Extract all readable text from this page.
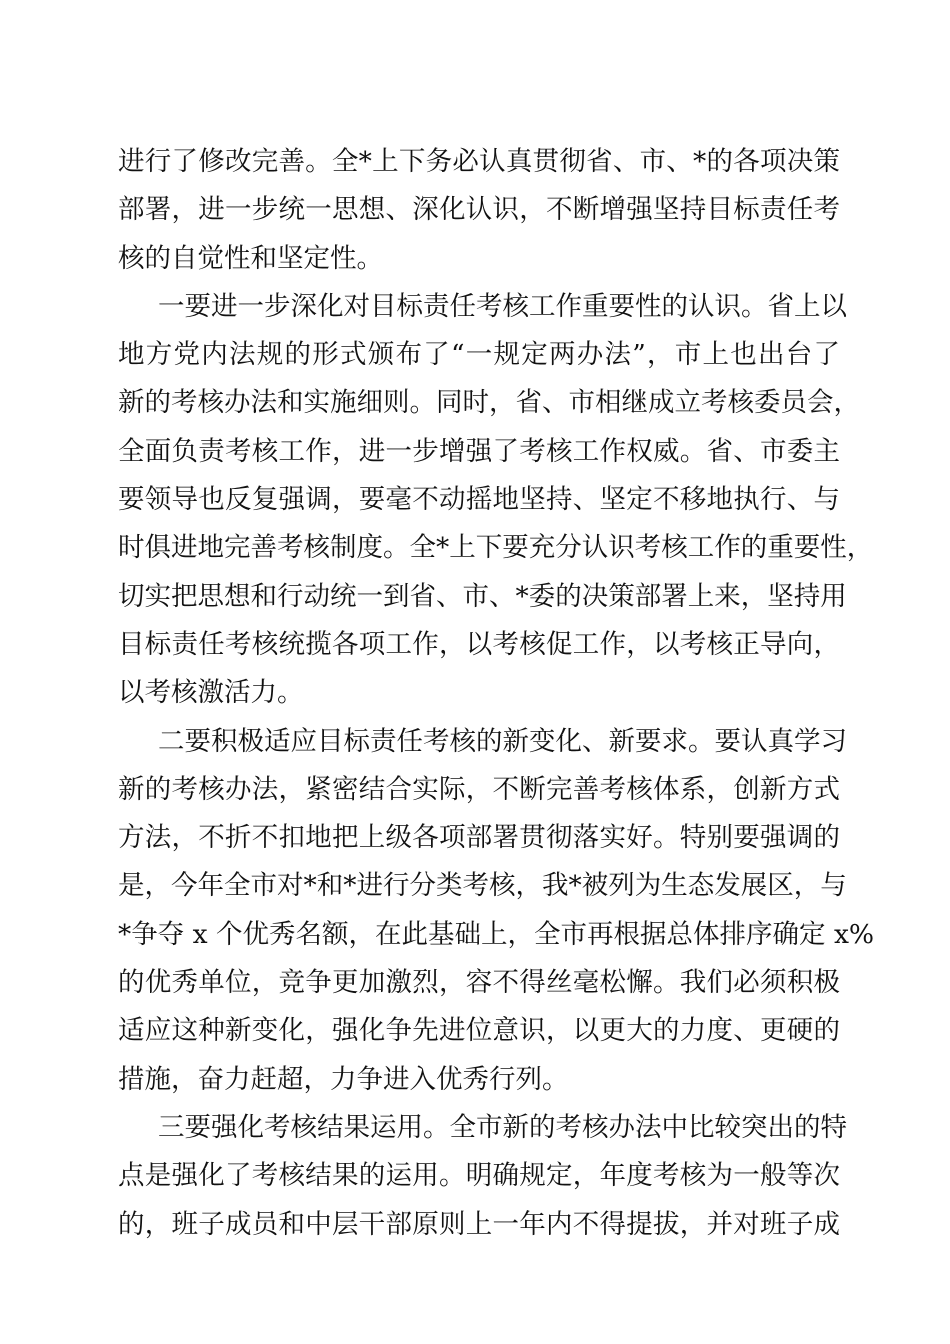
进行了修改完善。全*上下务必认真贯彻省、市、*的各项决策
部署，进一步统一思想、深化认识，不断增强坚持目标责任考
核的自觉性和坚定性。
一要进一步深化对目标责任考核工作重要性的认识。省上以
地方党内法规的形式颁布了“一规定两办法”，市上也出台了
新的考核办法和实施细则。同时，省、市相继成立考核委员会，
全面负责考核工作，进一步增强了考核工作权威。省、市委主
要领导也反复强调，要毫不动摇地坚持、坚定不移地执行、与
时俱进地完善考核制度。全*上下要充分认识考核工作的重要性，
切实把思想和行动统一到省、市、*委的决策部署上来，坚持用
目标责任考核统揽各项工作，以考核促工作，以考核正导向，
以考核激活力。
二要积极适应目标责任考核的新变化、新要求。要认真学习
新的考核办法，紧密结合实际，不断完善考核体系，创新方式
方法，不折不扣地把上级各项部署贯彻落实好。特别要强调的
是，今年全市对*和*进行分类考核，我*被列为生态发展区，与
*争夺 x 个优秀名额，在此基础上，全市再根据总体排序确定 x%
的优秀单位，竞争更加激烈，容不得丝毫松懈。我们必须积极
适应这种新变化，强化争先进位意识，以更大的力度、更硬的
措施，奋力赶超，力争进入优秀行列。
三要强化考核结果运用。全市新的考核办法中比较突出的特
点是强化了考核结果的运用。明确规定，年度考核为一般等次
的，班子成员和中层干部原则上一年内不得提拔，并对班子成
